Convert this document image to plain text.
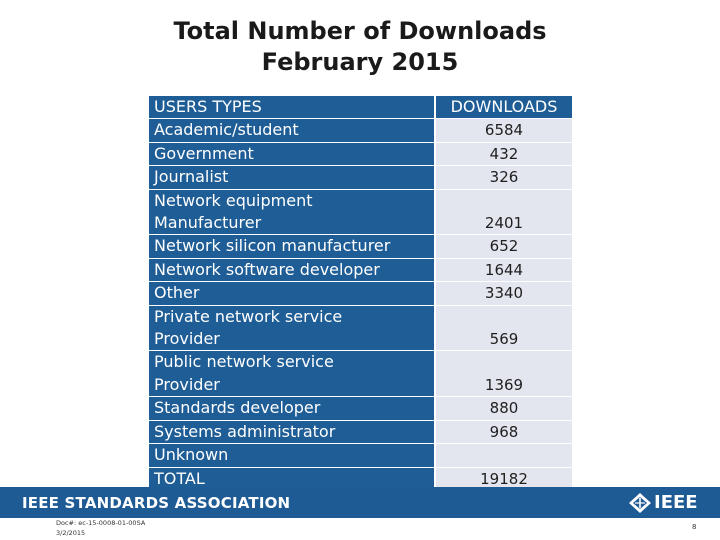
Total Number of Downloads
February 2015
USERS TYPES	DOWNLOADS

Academic/student	6584

Government	432

Journalist	326

Network equipment
Manufacturer	2401

Network silicon manufacturer	652

Network software developer	1644

Other	3340

Private network service
Provider	569

Public network service
Provider	1369

Standards developer	880

Systems administrator	968

Unknown	

TOTAL	19182
IEEE STANDARDS ASSOCIATION	IEEE
Doc#: ec-15-0008-01-00SA
3/2/2015
8
